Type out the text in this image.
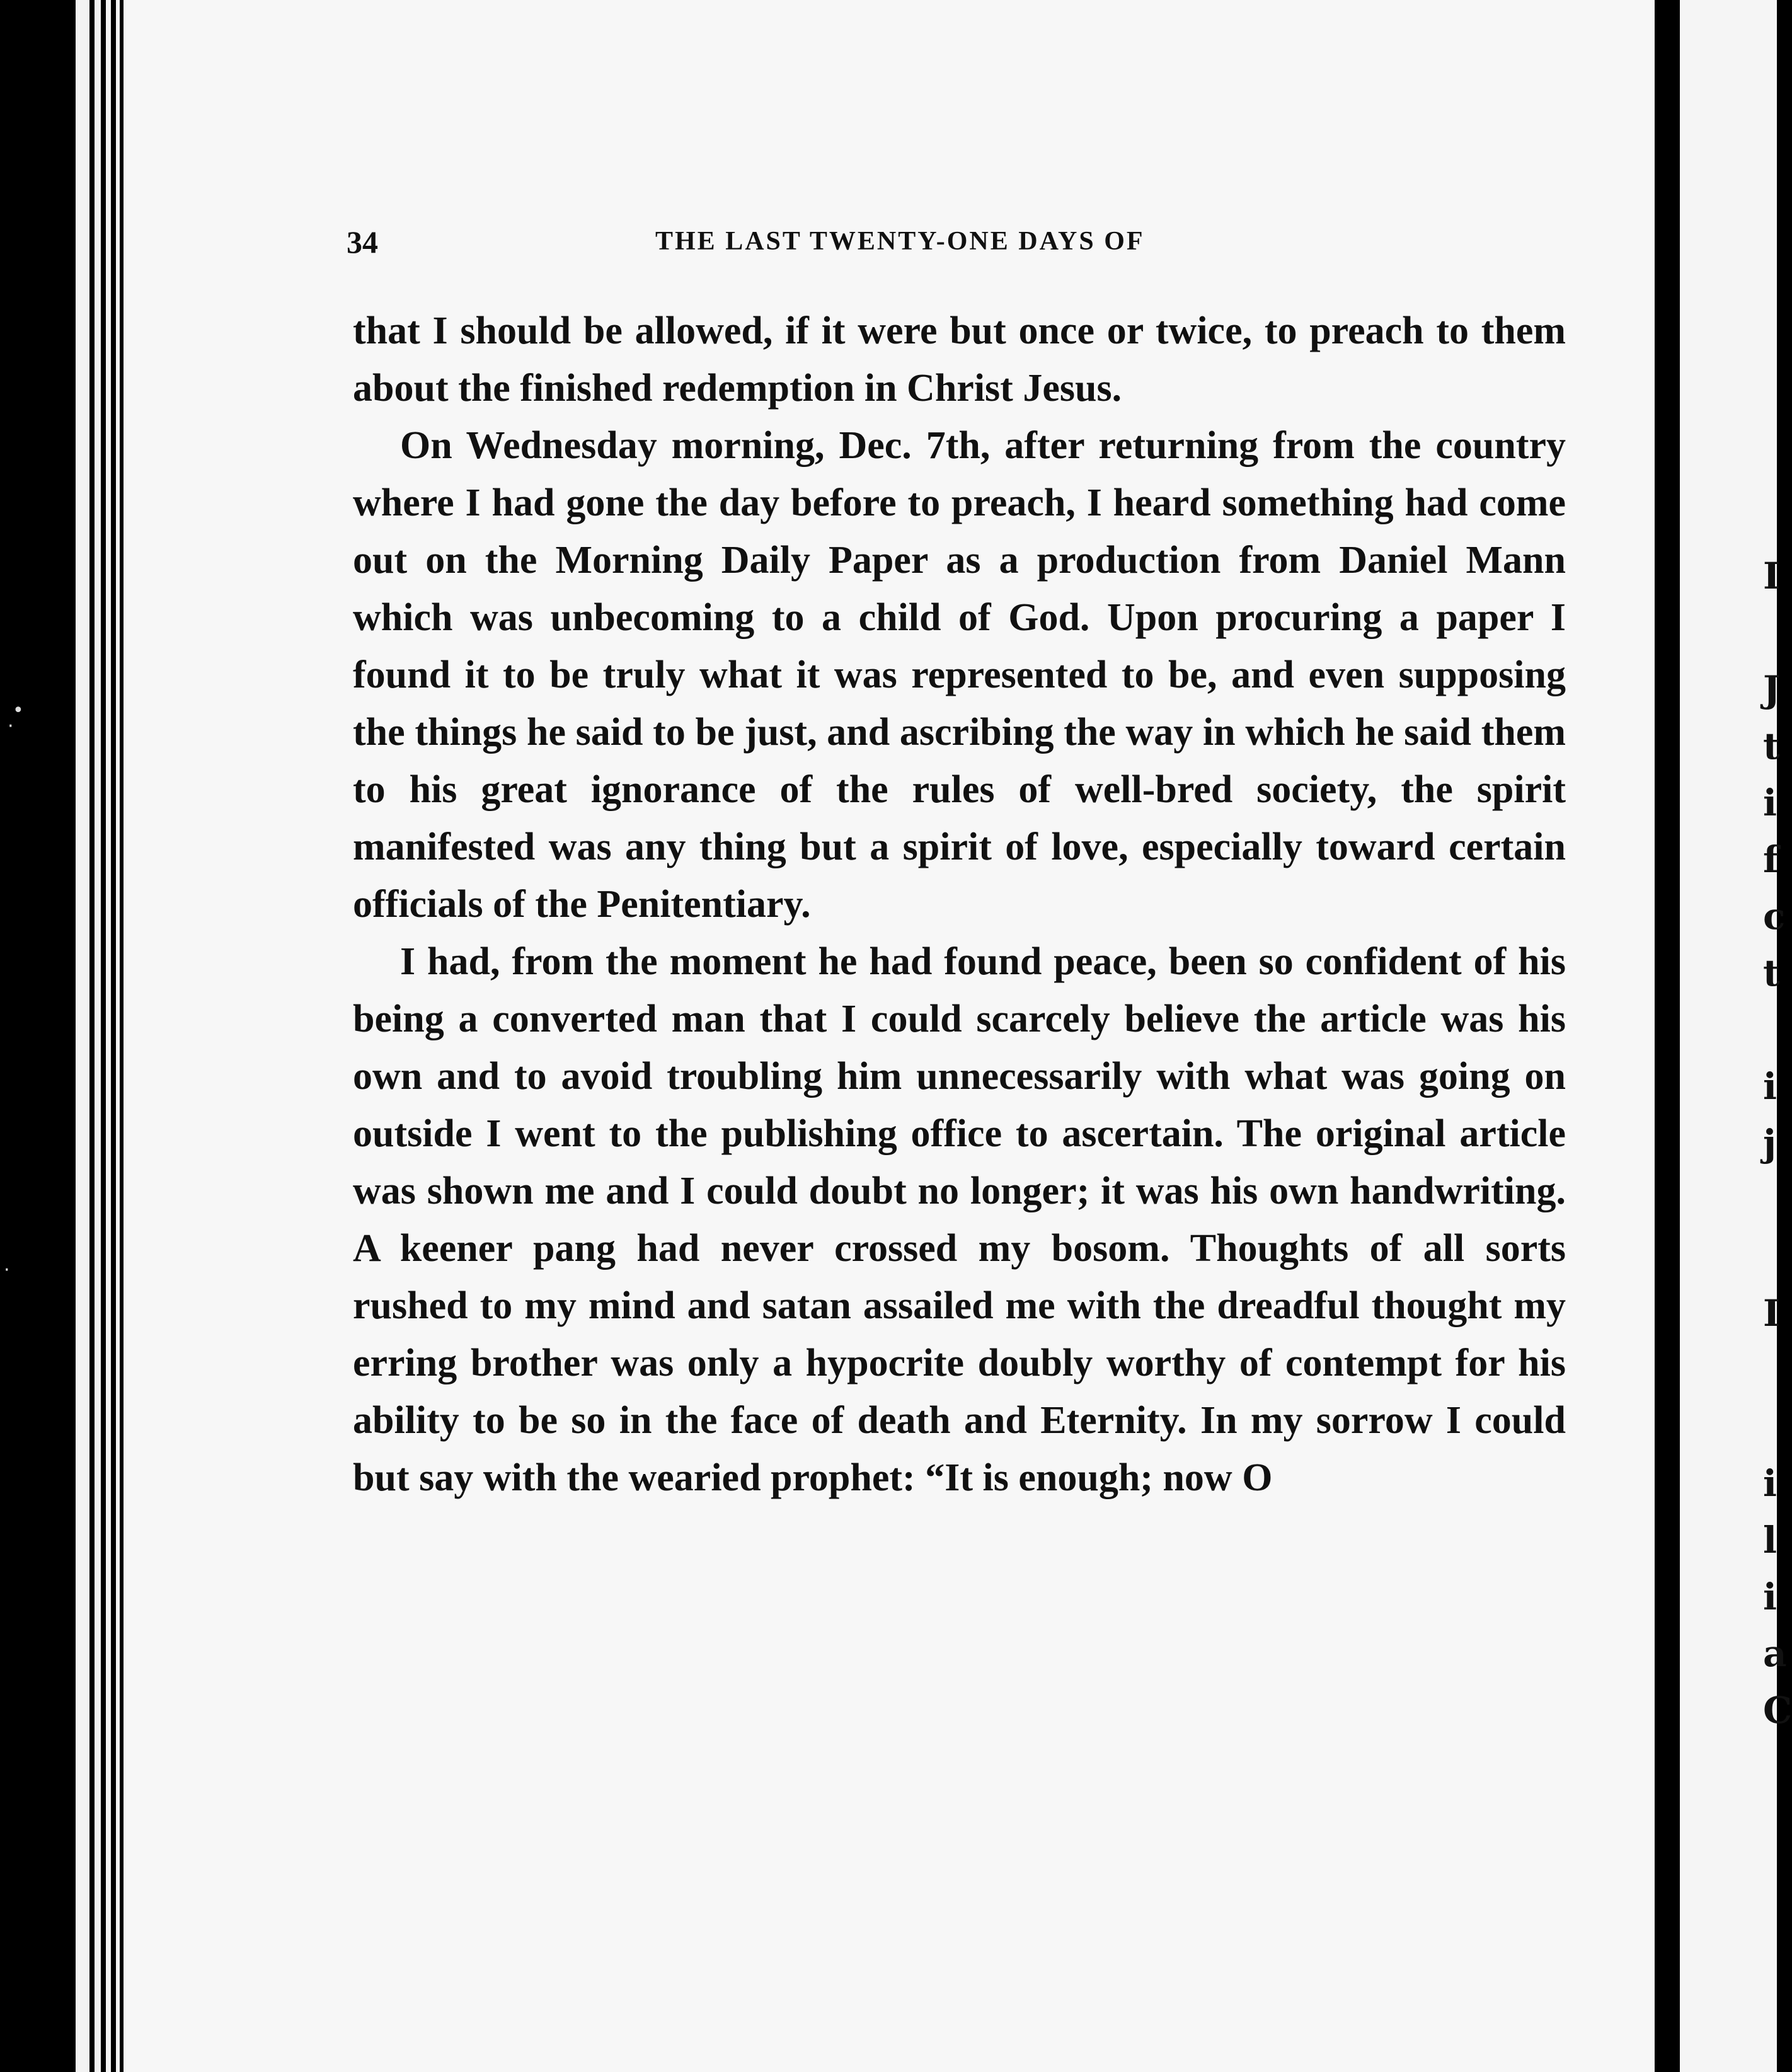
34	THE LAST TWENTY-ONE DAYS OF

that I should be allowed, if it were but once or twice, to preach to them about the finished redemption in Christ Jesus.

On Wednesday morning, Dec. 7th, after returning from the country where I had gone the day before to preach, I heard something had come out on the Morning Daily Paper as a production from Daniel Mann which was unbecoming to a child of God. Upon procuring a paper I found it to be truly what it was represented to be, and even supposing the things he said to be just, and ascribing the way in which he said them to his great ignorance of the rules of well-bred society, the spirit manifested was any thing but a spirit of love, especially toward certain officials of the Penitentiary.

I had, from the moment he had found peace, been so confident of his being a converted man that I could scarcely believe the article was his own and to avoid troubling him unnecessarily with what was going on outside I went to the publishing office to ascertain. The original article was shown me and I could doubt no longer; it was his own handwriting. A keener pang had never crossed my bosom. Thoughts of all sorts rushed to my mind and satan assailed me with the dreadful thought my erring brother was only a hypocrite doubly worthy of contempt for his ability to be so in the face of death and Eternity. In my sorrow I could but say with the wearied prophet: “It is enough; now O

I
J
t
i
f
c
t
i
j
I
i
l
i
a
C
•
·
·
